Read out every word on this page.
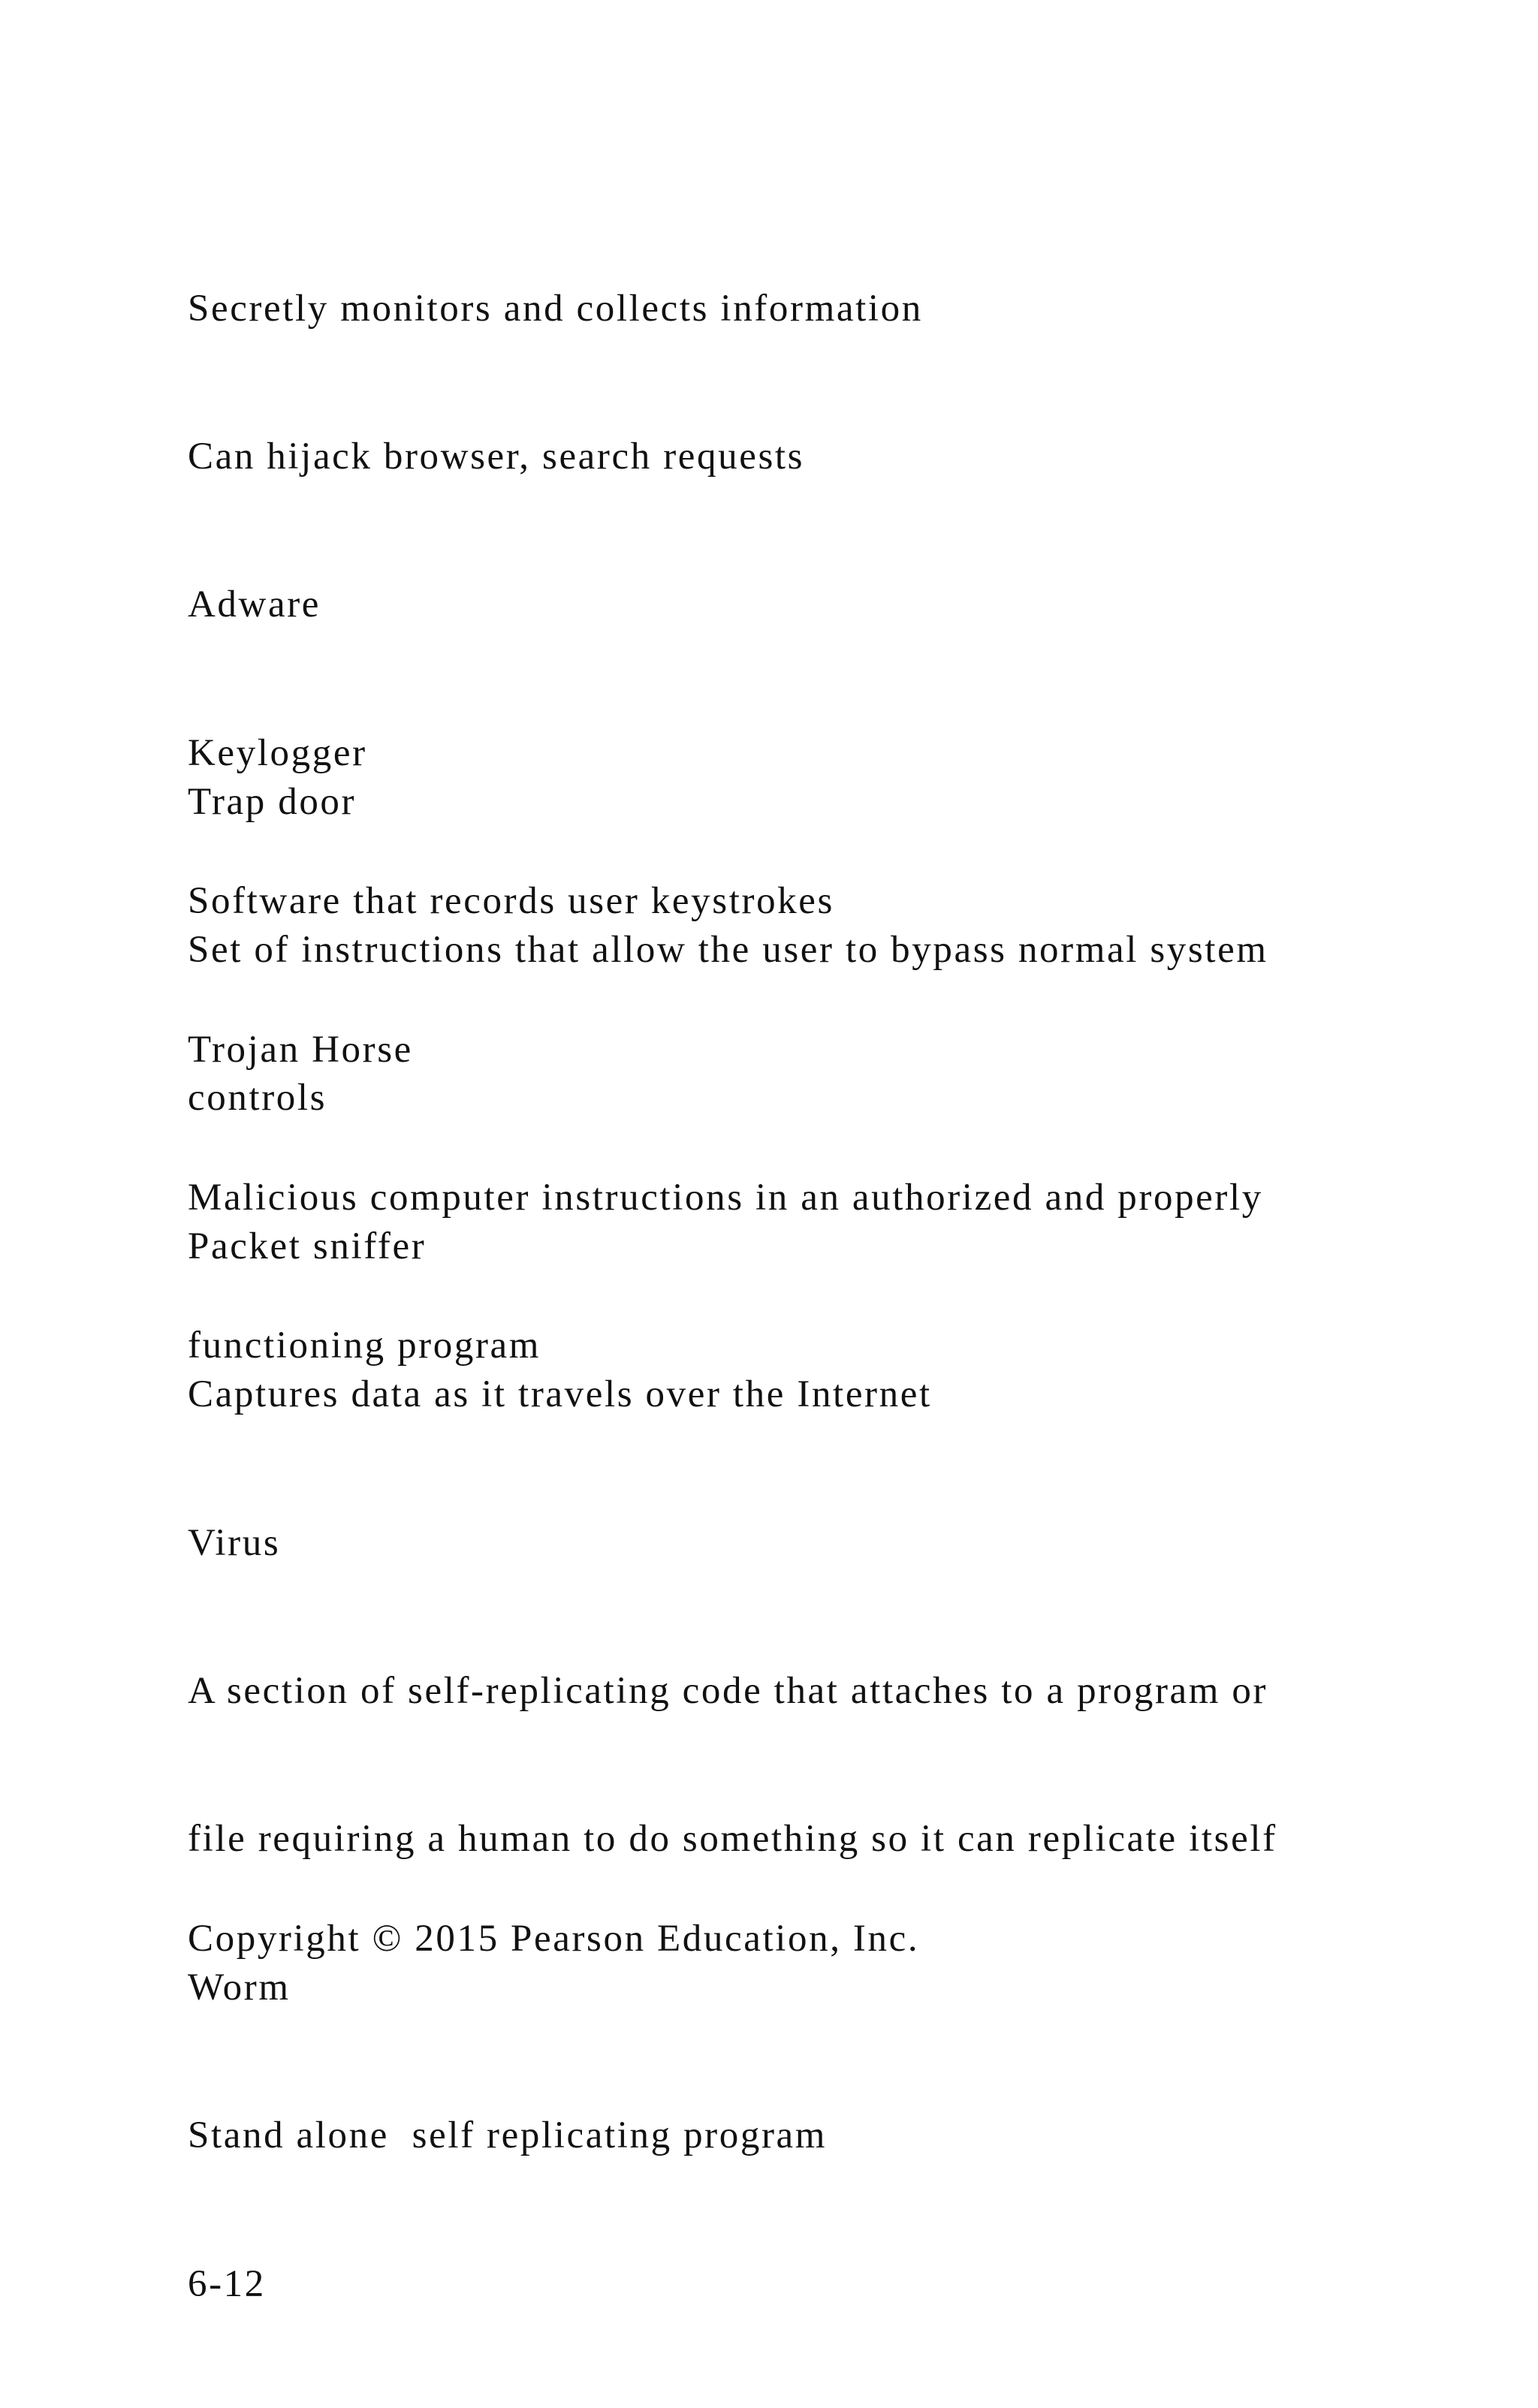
Secretly monitors and collects information

Can hijack browser, search requests

Adware

Keylogger

Software that records user keystrokes

Trojan Horse

Malicious computer instructions in an authorized and properly

functioning program

Trap door

Set of instructions that allow the user to bypass normal system

controls

Packet sniffer

Captures data as it travels over the Internet

Virus

A section of self-replicating code that attaches to a program or

file requiring a human to do something so it can replicate itself

Worm

Stand alone  self replicating program

6-12

Copyright © 2015 Pearson Education, Inc.
